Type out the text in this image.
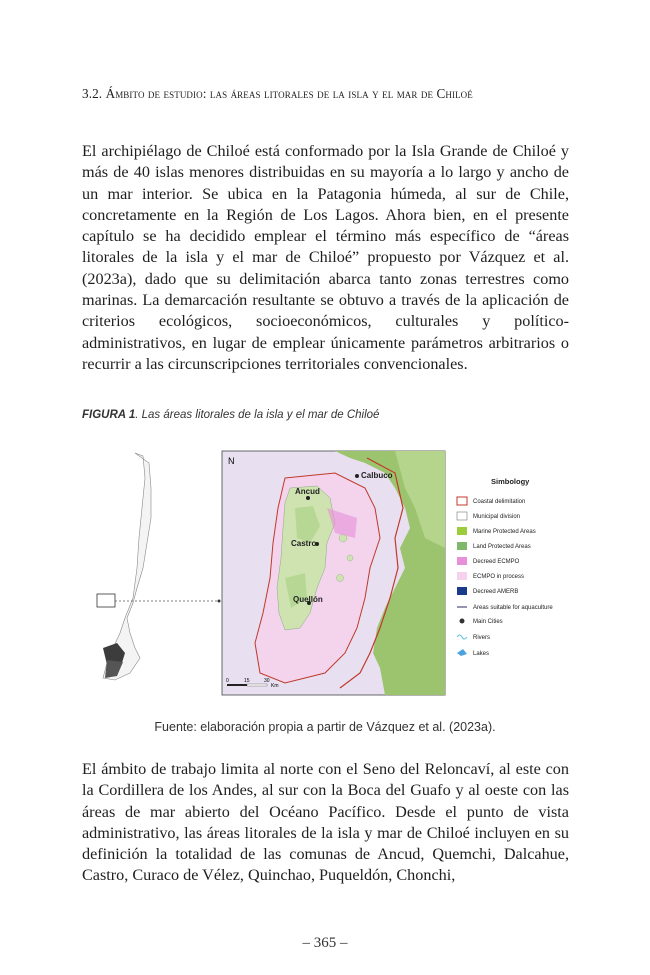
3.2. Ámbito de estudio: las áreas litorales de la isla y el mar de Chiloé

El archipiélago de Chiloé está conformado por la Isla Grande de Chiloé y más de 40 islas menores distribuidas en su mayoría a lo largo y ancho de un mar interior. Se ubica en la Patagonia húmeda, al sur de Chile, concretamente en la Región de Los Lagos. Ahora bien, en el presente capítulo se ha decidido emplear el término más específico de “áreas litorales de la isla y el mar de Chiloé” propuesto por Vázquez et al. (2023a), dado que su delimitación abarca tanto zonas terrestres como marinas. La demarcación resultante se obtuvo a través de la aplicación de criterios ecológicos, socioeconómicos, culturales y político-administrativos, en lugar de emplear únicamente parámetros arbitrarios o recurrir a las circunscripciones territoriales convencionales.

FIGURA 1. Las áreas litorales de la isla y el mar de Chiloé
Ancud
Calbuco
Castro
Quellón
N
0	15	30
Km
Simbology
Coastal delimitation
Municipal division
Marine Protected Areas
Land Protected Areas
Decreed ECMPO
ECMPO in process
Decreed AMERB
Areas suitable for aquaculture
Main Cities
Rivers
Lakes
Fuente: elaboración propia a partir de Vázquez et al. (2023a).

El ámbito de trabajo limita al norte con el Seno del Reloncaví, al este con la Cordillera de los Andes, al sur con la Boca del Guafo y al oeste con las áreas de mar abierto del Océano Pacífico. Desde el punto de vista administrativo, las áreas litorales de la isla y mar de Chiloé incluyen en su definición la totalidad de las comunas de Ancud, Quemchi, Dalcahue, Castro, Curaco de Vélez, Quinchao, Puqueldón, Chonchi,

– 365 –
